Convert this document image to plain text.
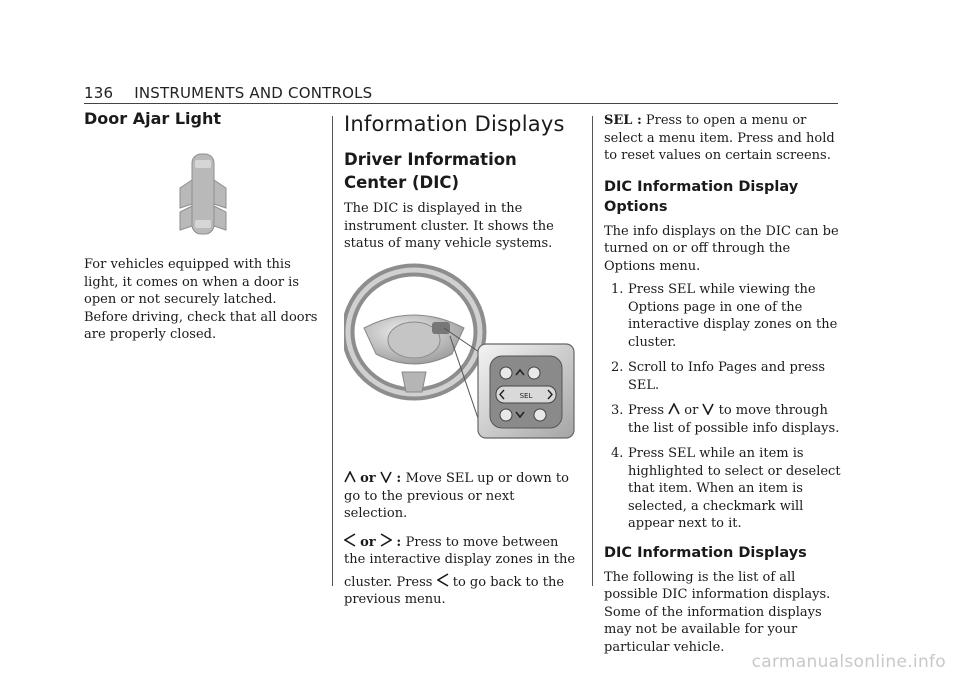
136 INSTRUMENTS AND CONTROLS
Door Ajar Light

For vehicles equipped with this light, it comes on when a door is open or not securely latched. Before driving, check that all doors are properly closed.

Information Displays
Driver Information
Center (DIC)

The DIC is displayed in the instrument cluster. It shows the status of many vehicle systems.

SEL

or  : Move SEL up or down to go to the previous or next selection.

or  : Press to move between the interactive display zones in the

cluster. Press to go back to the previous menu.

SEL : Press to open a menu or select a menu item. Press and hold to reset values on certain screens.

DIC Information Display Options

The info displays on the DIC can be turned on or off through the Options menu.

1. Press SEL while viewing the Options page in one of the interactive display zones on the cluster.
2. Scroll to Info Pages and press SEL.
3. Press or to move through the list of possible info displays.
4. Press SEL while an item is highlighted to select or deselect that item. When an item is selected, a checkmark will appear next to it.
DIC Information Displays

The following is the list of all possible DIC information displays. Some of the information displays may not be available for your particular vehicle.

carmanualsonline.info
